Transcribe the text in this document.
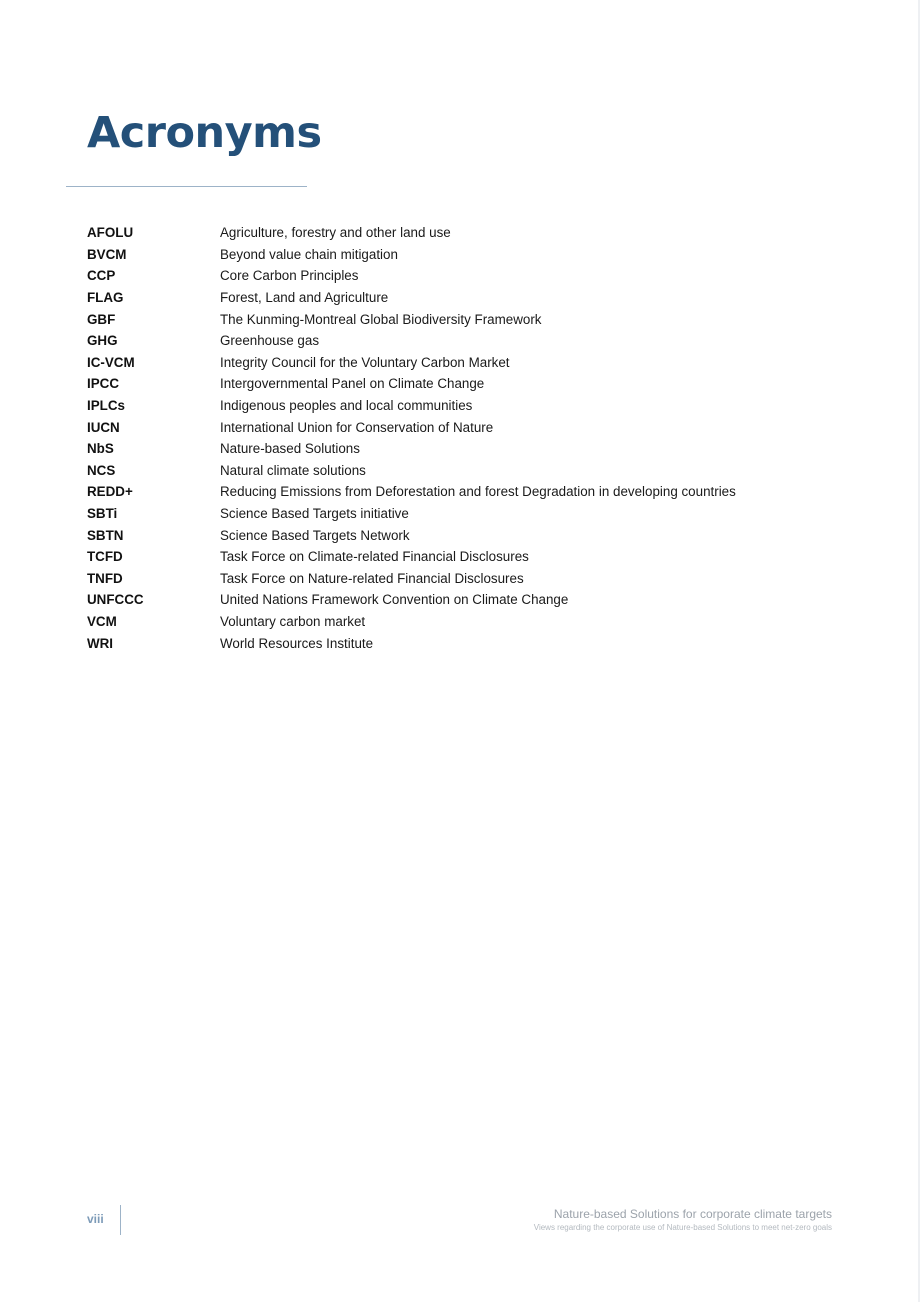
Acronyms
AFOLU	Agriculture, forestry and other land use
BVCM	Beyond value chain mitigation
CCP	Core Carbon Principles
FLAG	Forest, Land and Agriculture
GBF	The Kunming-Montreal Global Biodiversity Framework
GHG	Greenhouse gas
IC-VCM	Integrity Council for the Voluntary Carbon Market
IPCC	Intergovernmental Panel on Climate Change
IPLCs	Indigenous peoples and local communities
IUCN	International Union for Conservation of Nature
NbS	Nature-based Solutions
NCS	Natural climate solutions
REDD+	Reducing Emissions from Deforestation and forest Degradation in developing countries
SBTi	Science Based Targets initiative
SBTN	Science Based Targets Network
TCFD	Task Force on Climate-related Financial Disclosures
TNFD	Task Force on Nature-related Financial Disclosures
UNFCCC	United Nations Framework Convention on Climate Change
VCM	Voluntary carbon market
WRI	World Resources Institute
viii	Nature-based Solutions for corporate climate targets
Views regarding the corporate use of Nature-based Solutions to meet net-zero goals
